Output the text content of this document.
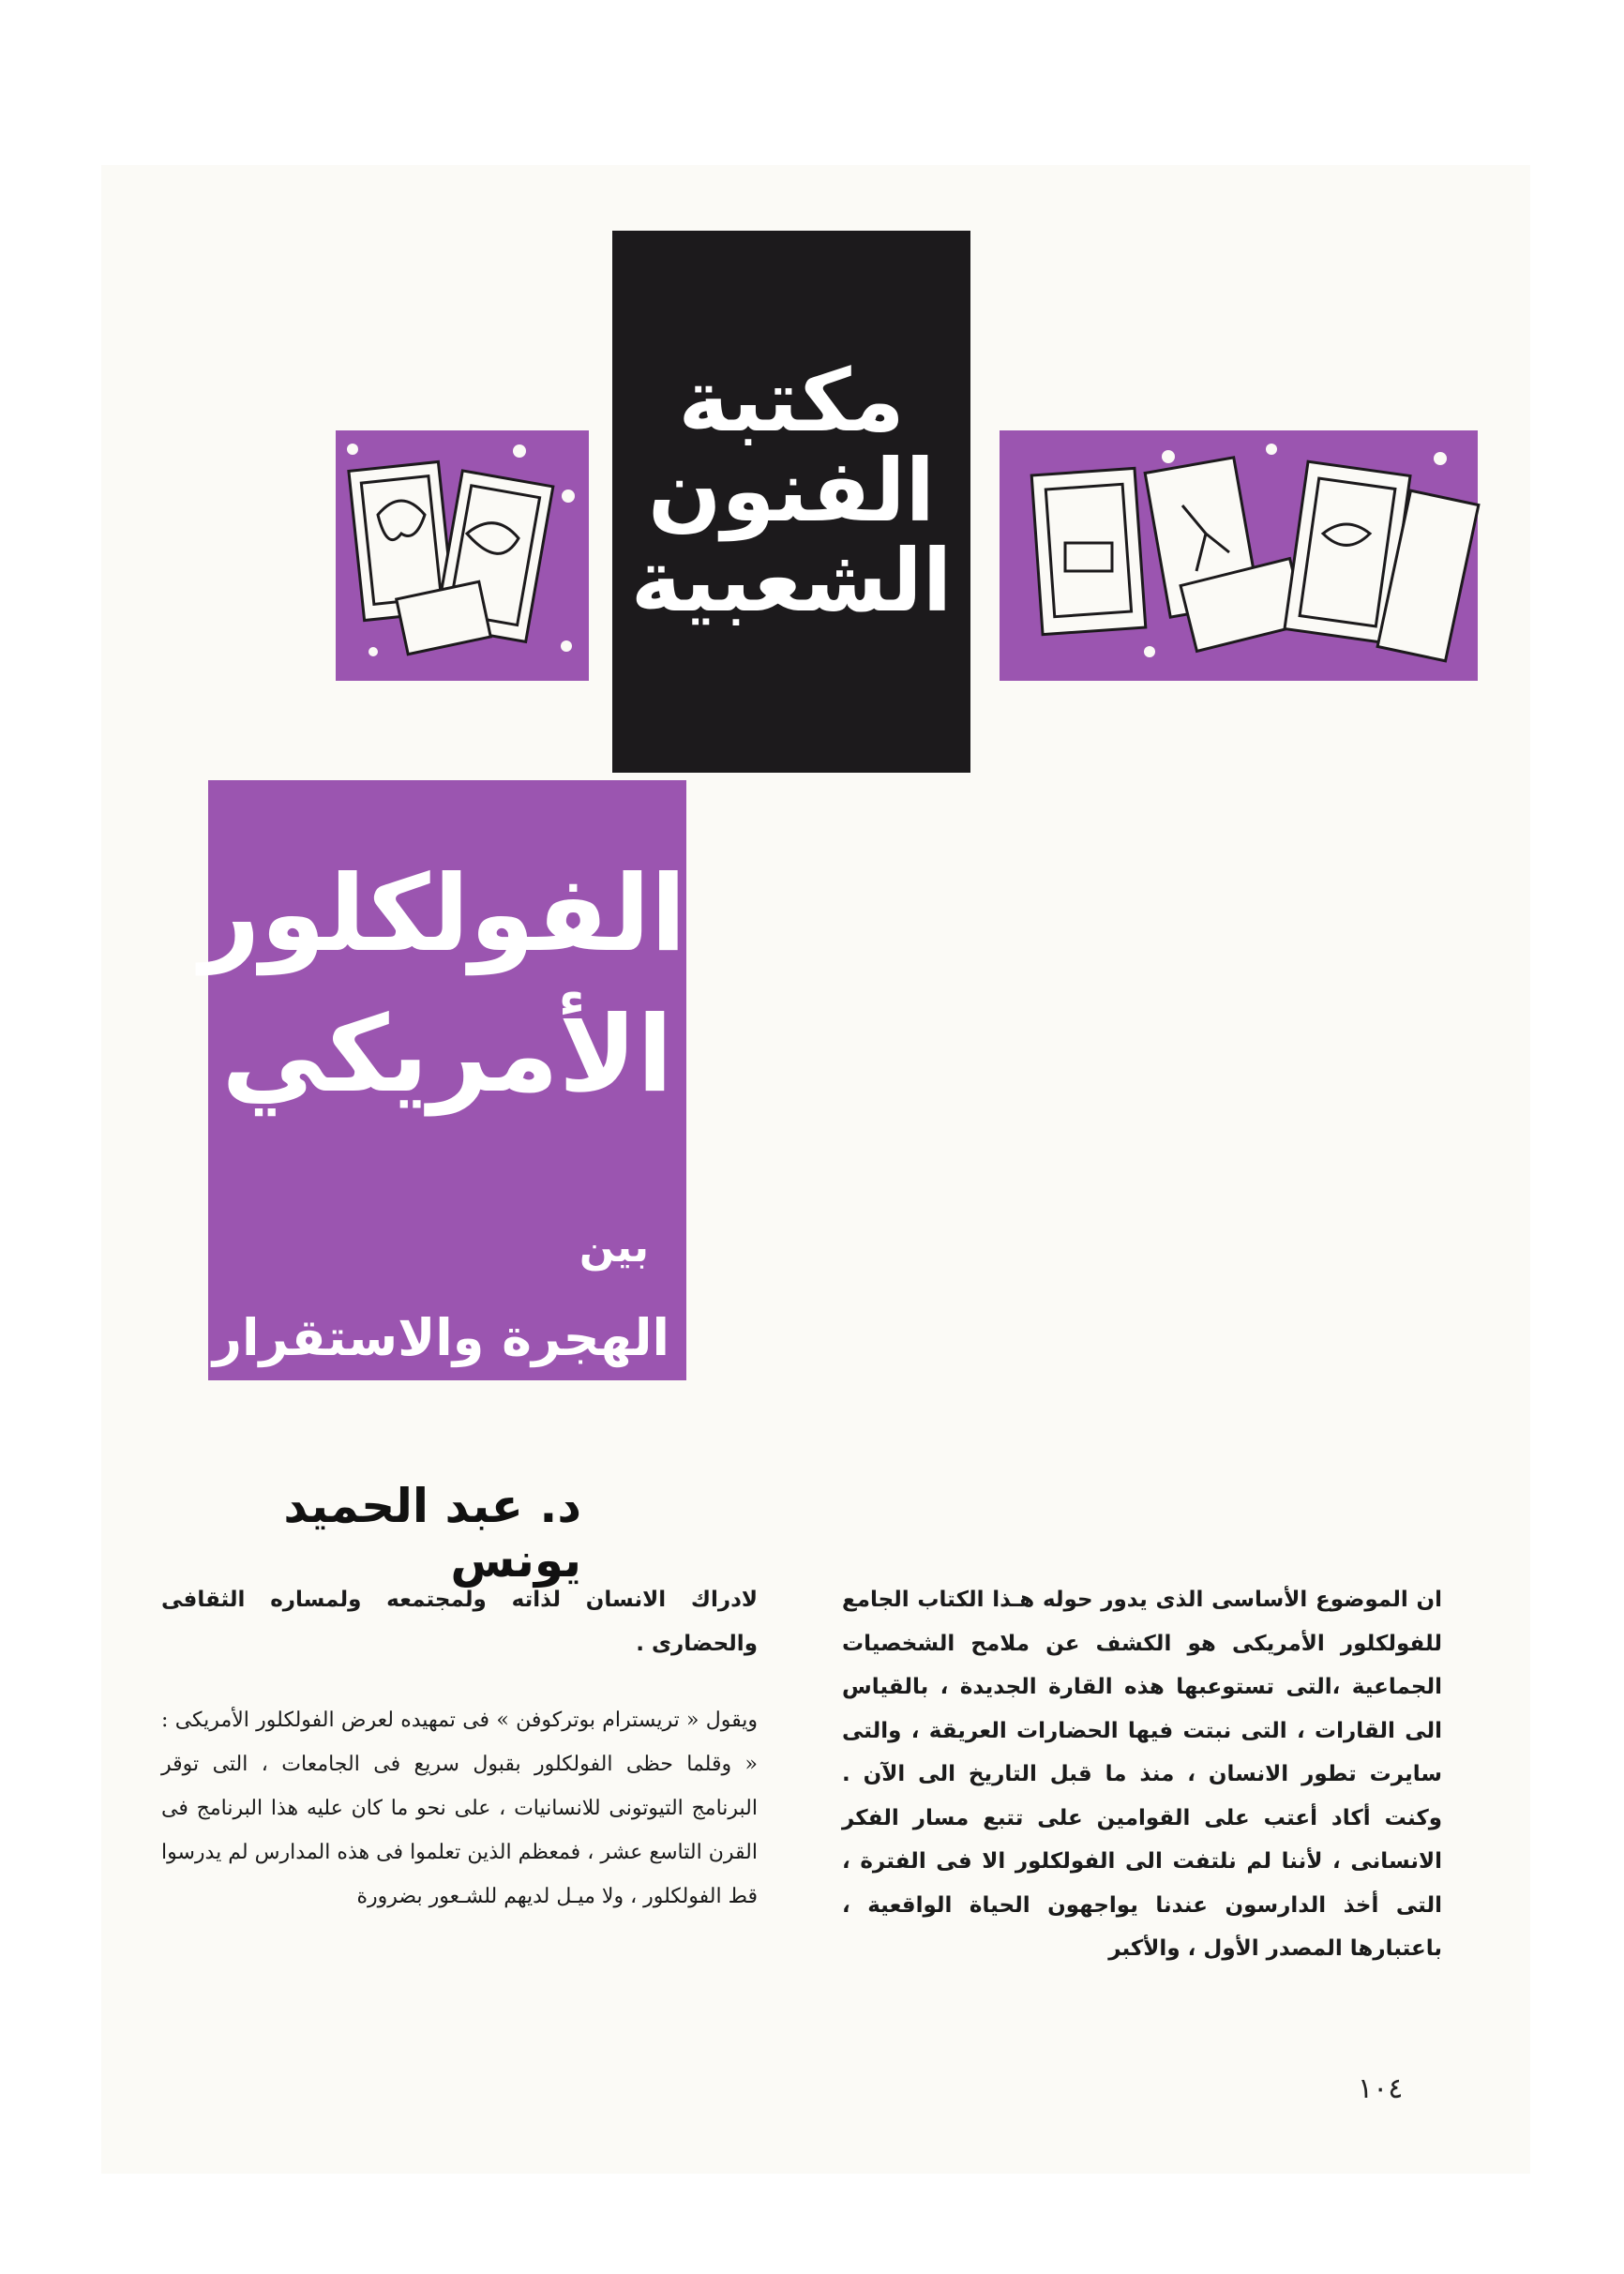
مكتبة
الفنون
الشعبية
الفولكلور
الأمريكي
بين
الهجرة والاستقرار
د. عبد الحميد يونس

ان الموضوع الأساسى الذى يدور حوله هـذا الكتاب الجامع للفولكلور الأمريكى هو الكشف عن ملامح الشخصيات الجماعية ،التى تستوعبها هذه القارة الجديدة ، بالقياس الى القارات ، التى نبتت فيها الحضارات العريقة ، والتى سايرت تطور الانسان ، منذ ما قبل التاريخ الى الآن . وكنت أكاد أعتب على القوامين على تتبع مسار الفكر الانسانى ، لأننا لم نلتفت الى الفولكلور الا فى الفترة ، التى أخذ الدارسون عندنا يواجهون الحياة الواقعية ، باعتبارها المصدر الأول ، والأكبر

لادراك الانسان لذاته ولمجتمعه ولمساره الثقافى والحضارى .

ويقول « تريسترام بوتركوفن » فى تمهيده لعرض الفولكلور الأمريكى : « وقلما حظى الفولكلور بقبول سريع فى الجامعات ، التى توقر البرنامج التيوتونى للانسانيات ، على نحو ما كان عليه هذا البرنامج فى القرن التاسع عشر ، فمعظم الذين تعلموا فى هذه المدارس لم يدرسوا قط الفولكلور ، ولا ميـل لديهم للشـعور بضرورة

١٠٤
